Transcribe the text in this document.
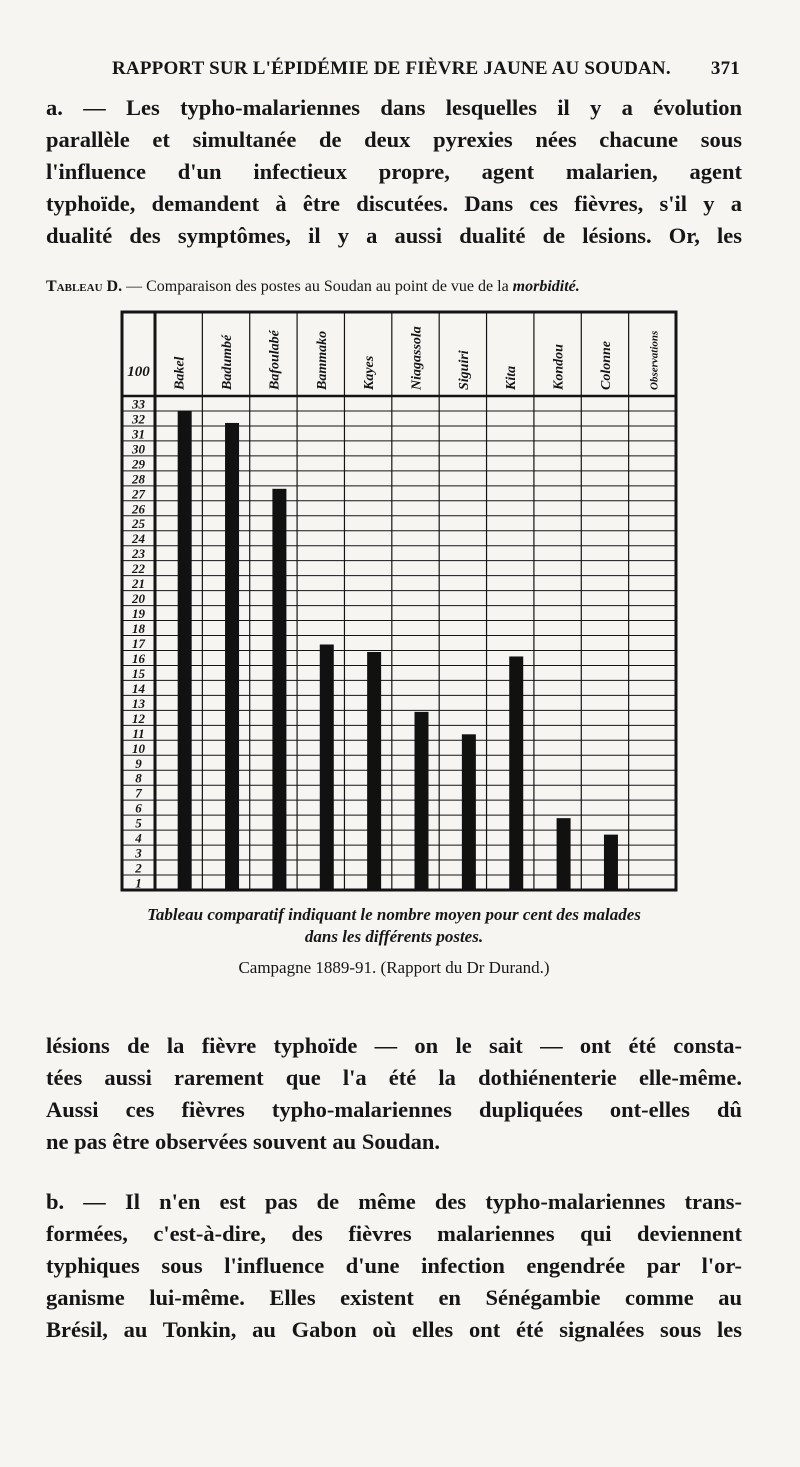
RAPPORT SUR L'ÉPIDÉMIE DE FIÈVRE JAUNE AU SOUDAN. 371
a. — Les typho-malariennes dans lesquelles il y a évolution
parallèle et simultanée de deux pyrexies nées chacune sous
l'influence d'un infectieux propre, agent malarien, agent
typhoïde, demandent à être discutées. Dans ces fièvres, s'il y a
dualité des symptômes, il y a aussi dualité de lésions. Or, les
Tableau D. — Comparaison des postes au Soudan au point de vue de la morbidité.
100
1
2
3
4
5
6
7
8
9
10
11
12
13
14
15
16
17
18
19
20
21
22
23
24
25
26
27
28
29
30
31
32
33
Bakel Badumbé Bafoulabé Bammako Kayes Niagassola Siguiri Kita Kondou Colonne	Observations
Tableau comparatif indiquant le nombre moyen pour cent des malades
dans les différents postes.
Campagne 1889-91. (Rapport du Dr Durand.)
lésions de la fièvre typhoïde — on le sait — ont été consta-
tées aussi rarement que l'a été la dothiénenterie elle-même.
Aussi ces fièvres typho-malariennes dupliquées ont-elles dû
ne pas être observées souvent au Soudan.
b. — Il n'en est pas de même des typho-malariennes trans-
formées, c'est-à-dire, des fièvres malariennes qui deviennent
typhiques sous l'influence d'une infection engendrée par l'or-
ganisme lui-même. Elles existent en Sénégambie comme au
Brésil, au Tonkin, au Gabon où elles ont été signalées sous les
